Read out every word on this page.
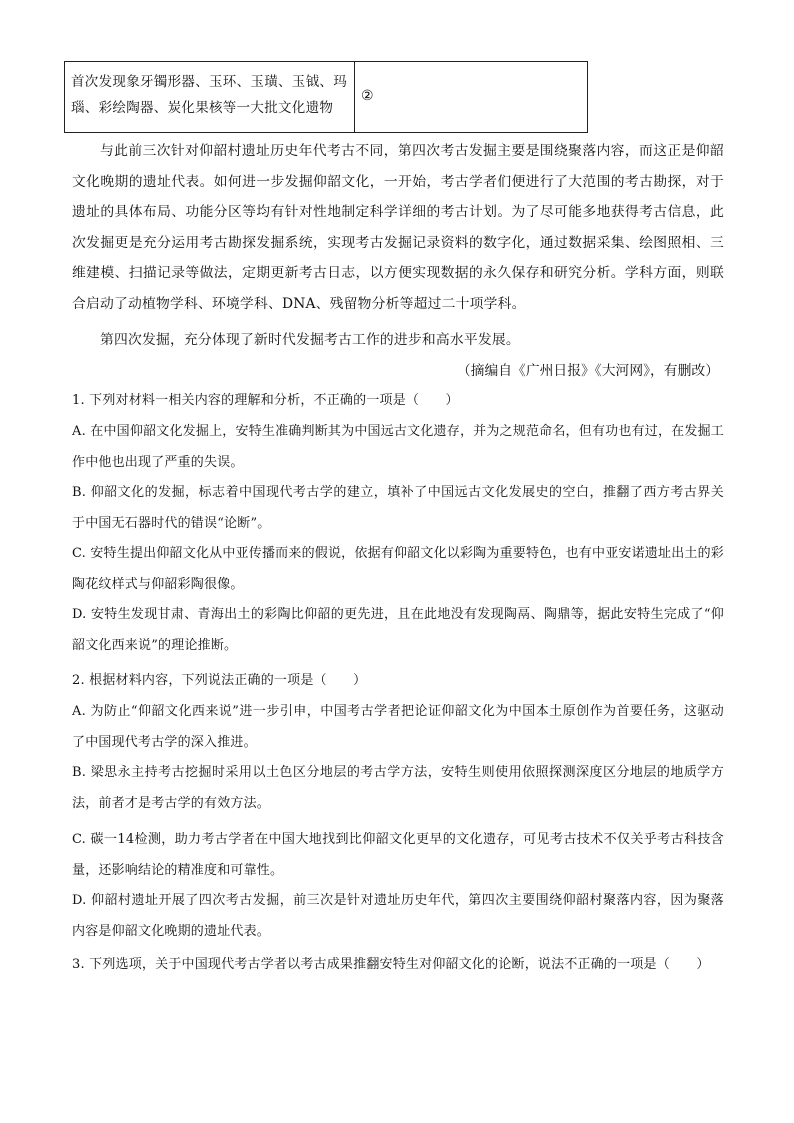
首次发现象牙镯形器、玉环、玉璜、玉钺、玛瑙、彩绘陶器、炭化果核等一大批文化遗物
②
与此前三次针对仰韶村遗址历史年代考古不同，第四次考古发掘主要是围绕聚落内容，而这正是仰韶文化晚期的遗址代表。如何进一步发掘仰韶文化，一开始，考古学者们便进行了大范围的考古勘探，对于遗址的具体布局、功能分区等均有针对性地制定科学详细的考古计划。为了尽可能多地获得考古信息，此次发掘更是充分运用考古勘探发掘系统，实现考古发掘记录资料的数字化，通过数据采集、绘图照相、三维建模、扫描记录等做法，定期更新考古日志，以方便实现数据的永久保存和研究分析。学科方面，则联合启动了动植物学科、环境学科、DNA、残留物分析等超过二十项学科。
第四次发掘，充分体现了新时代发掘考古工作的进步和高水平发展。
（摘编自《广州日报》《大河网》，有删改）
1. 下列对材料一相关内容的理解和分析，不正确的一项是（　　）
A. 在中国仰韶文化发掘上，安特生准确判断其为中国远古文化遗存，并为之规范命名，但有功也有过，在发掘工作中他也出现了严重的失误。
B. 仰韶文化的发掘，标志着中国现代考古学的建立，填补了中国远古文化发展史的空白，推翻了西方考古界关于中国无石器时代的错误“论断”。
C. 安特生提出仰韶文化从中亚传播而来的假说，依据有仰韶文化以彩陶为重要特色，也有中亚安诺遗址出土的彩陶花纹样式与仰韶彩陶很像。
D. 安特生发现甘肃、青海出土的彩陶比仰韶的更先进，且在此地没有发现陶鬲、陶鼎等，据此安特生完成了“仰韶文化西来说”的理论推断。
2. 根据材料内容，下列说法正确的一项是（　　）
A. 为防止“仰韶文化西来说”进一步引申，中国考古学者把论证仰韶文化为中国本土原创作为首要任务，这驱动了中国现代考古学的深入推进。
B. 梁思永主持考古挖掘时采用以土色区分地层的考古学方法，安特生则使用依照探测深度区分地层的地质学方法，前者才是考古学的有效方法。
C. 碳一14检测，助力考古学者在中国大地找到比仰韶文化更早的文化遗存，可见考古技术不仅关乎考古科技含量，还影响结论的精准度和可靠性。
D. 仰韶村遗址开展了四次考古发掘，前三次是针对遗址历史年代，第四次主要围绕仰韶村聚落内容，因为聚落内容是仰韶文化晚期的遗址代表。
3. 下列选项，关于中国现代考古学者以考古成果推翻安特生对仰韶文化的论断，说法不正确的一项是（　　）
